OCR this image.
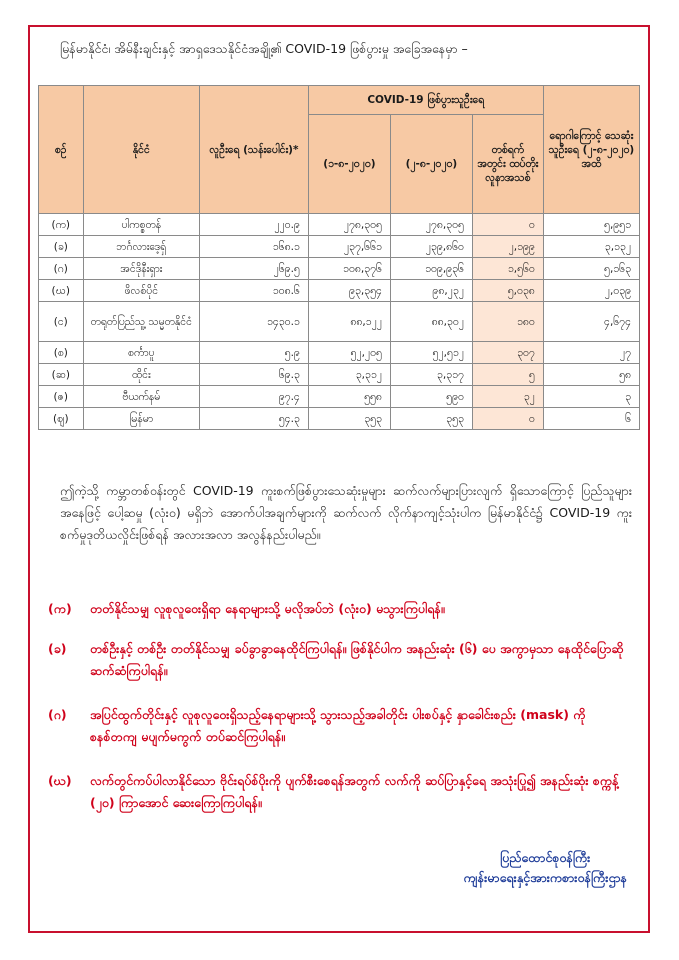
မြန်မာနိုင်ငံ၊ အိမ်နီးချင်းနှင့် အာရှဒေသနိုင်ငံအချို့၏ COVID-19 ဖြစ်ပွားမှု အခြေအနေမှာ –
စဉ်	နိုင်ငံ	လူဦးရေ (သန်းပေါင်း)*	COVID-19 ဖြစ်ပွားသူဦးရေ			ရောဂါကြောင့် သေဆုံးသူဦးရေ (၂-၈-၂၀၂၀) အထိ
			(၁-၈-၂၀၂၀)	(၂-၈-၂၀၂၀)	တစ်ရက် အတွင်း ထပ်တိုး လူနာအသစ်	
(က)	ပါကစ္စတန်	၂၂၀.၉	၂၇၈,၃၀၅	၂၇၈,၃၀၅	၀	၅,၉၅၁
(ခ)	ဘင်္ဂလားဒေ့ရှ်	၁၆၈.၁	၂၃၇,၆၆၁	၂၃၉,၈၆၀	၂,၁၉၉	၃,၁၃၂
(ဂ)	အင်ဒိုနီးရှား	၂၆၉.၅	၁၀၈,၃၇၆	၁၀၉,၉၃၆	၁,၅၆၀	၅,၁၆၃
(ဃ)	ဖိလစ်ပိုင်	၁၀၈.၆	၉၃,၃၅၄	၉၈,၂၃၂	၅,၀၃၈	၂,၀၃၉
(င)	တရုတ်ပြည်သူ့ သမ္မတနိုင်ငံ	၁၄၃၀.၁	၈၈,၁၂၂	၈၈,၃၀၂	၁၈၀	၄,၆၇၄
(စ)	စင်္ကာပူ	၅.၉	၅၂,၂၀၅	၅၂,၅၁၂	၃၀၇	၂၇
(ဆ)	ထိုင်း	၆၉.၃	၃,၃၁၂	၃,၃၁၇	၅	၅၈
(ဇ)	ဗီယက်နမ်	၉၇.၄	၅၅၈	၅၉၀	၃၂	၃
(ဈ)	မြန်မာ	၅၄.၃	၃၅၃	၃၅၃	၀	၆
ဤကဲ့သို့ ကမ္ဘာတစ်ဝန်းတွင် COVID-19 ကူးစက်ဖြစ်ပွားသေဆုံးမှုများ ဆက်လက်များပြားလျက် ရှိသောကြောင့် ပြည်သူများအနေဖြင့် ပေါ့ဆမှု (လုံး၀) မရှိဘဲ အောက်ပါအချက်များကို ဆက်လက် လိုက်နာကျင့်သုံးပါက မြန်မာနိုင်ငံ၌ COVID-19 ကူးစက်မှုဒုတိယလှိုင်းဖြစ်ရန် အလားအလာ အလွန်နည်းပါမည်။
(က)	တတ်နိုင်သမျှ လူစုလူဝေးရှိရာ နေရာများသို့ မလိုအပ်ဘဲ (လုံး၀) မသွားကြပါရန်။
(ခ)	တစ်ဦးနှင့် တစ်ဦး တတ်နိုင်သမျှ ခပ်ခွာခွာနေထိုင်ကြပါရန်။ ဖြစ်နိုင်ပါက အနည်းဆုံး (၆) ပေ အကွာမှသာ နေထိုင်ပြောဆိုဆက်ဆံကြပါရန်။
(ဂ)	အပြင်ထွက်တိုင်းနှင့် လူစုလူဝေးရှိသည့်နေရာများသို့ သွားသည့်အခါတိုင်း ပါးစပ်နှင့် နှာခေါင်းစည်း (mask) ကို စနစ်တကျ မပျက်မကွက် တပ်ဆင်ကြပါရန်။
(ဃ)	လက်တွင်ကပ်ပါလာနိုင်သော ဗိုင်းရပ်စ်ပိုးကို ပျက်စီးစေရန်အတွက် လက်ကို ဆပ်ပြာနှင့်ရေ အသုံးပြု၍ အနည်းဆုံး စက္ကန့် (၂၀) ကြာအောင် ဆေးကြောကြပါရန်။
ပြည်ထောင်စုဝန်ကြီး
ကျန်းမာရေးနှင့်အားကစားဝန်ကြီးဌာန
